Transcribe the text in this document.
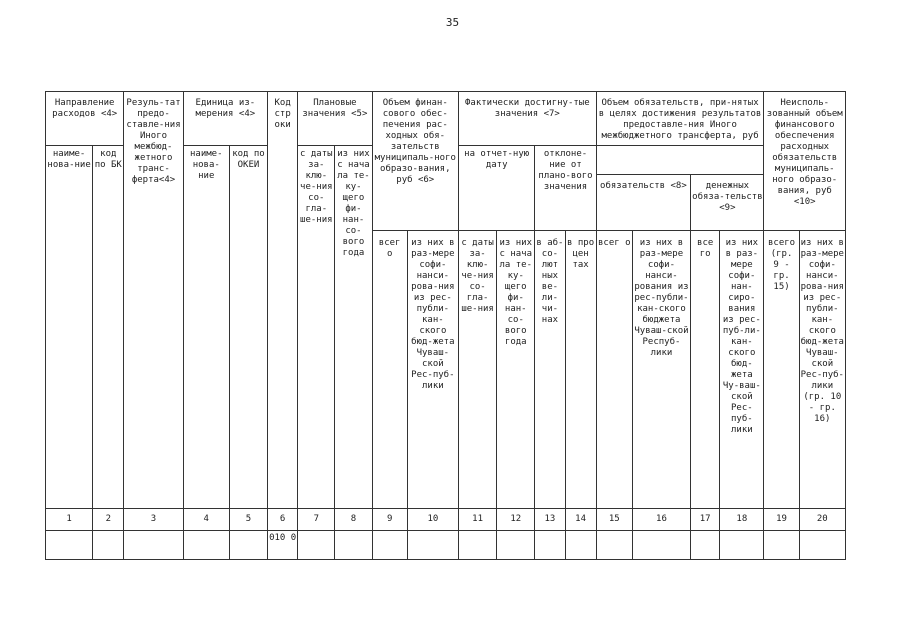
35
Направление расходов <4>	Резуль-тат предо-ставле-ния Иного межбюд-жетного транс-ферта<4>	Единица из-мерения <4>	Код стр оки	Плановые значения <5>	Объем финан-сового обес-печения рас-ходных обя-зательств муниципаль-ного образо-вания, руб <6>	Фактически достигну-тые значения <7>	Объем обязательств, при-нятых в целях достижения результатов предоставле-ния Иного межбюджетного трансферта, руб	Неисполь-зованный объем финансового обеспечения расходных обязательств муниципаль-ного образо-вания, руб <10>
наиме-нова-ние	код по БК	наиме-нова-ние	код по ОКЕИ	с даты за-клю-че-ния со-гла-ше-ния	из них с нача ла те-ку-щего фи-нан-со-вого года	на отчет-ную дату	отклоне-ние от плано-вого значения	
	обязательств <8>	денежных обяза-тельств <9>

всег о	из них в раз-мере софи-нанси-рова-ния из рес-публи-кан-ского бюд-жета Чуваш-ской Рес-пуб-лики	с даты за-клю-че-ния со-гла-ше-ния	из них с нача ла те-ку-щего фи-нан-со-вого года	в аб-со-лют ных ве-ли-чи-нах	в про цен тах	всег о	из них в раз-мере софи-нанси-рования из рес-публи-кан-ского бюджета Чуваш-ской Респуб-лики	все го	из них в раз-мере софи-нан-сиро-вания из рес-пуб-ли-кан-ского бюд-жета Чу-ваш-ской Рес-пуб-лики	всего (гр. 9 - гр. 15)	из них в раз-мере софи-нанси-рова-ния из рес-публи-кан-ского бюд-жета Чуваш-ской Рес-пуб-лики (гр. 10 - гр. 16)
1	2	3	4	5	6	7	8	9	10	11	12	13	14	15	16	17	18	19	20
					010 0														
